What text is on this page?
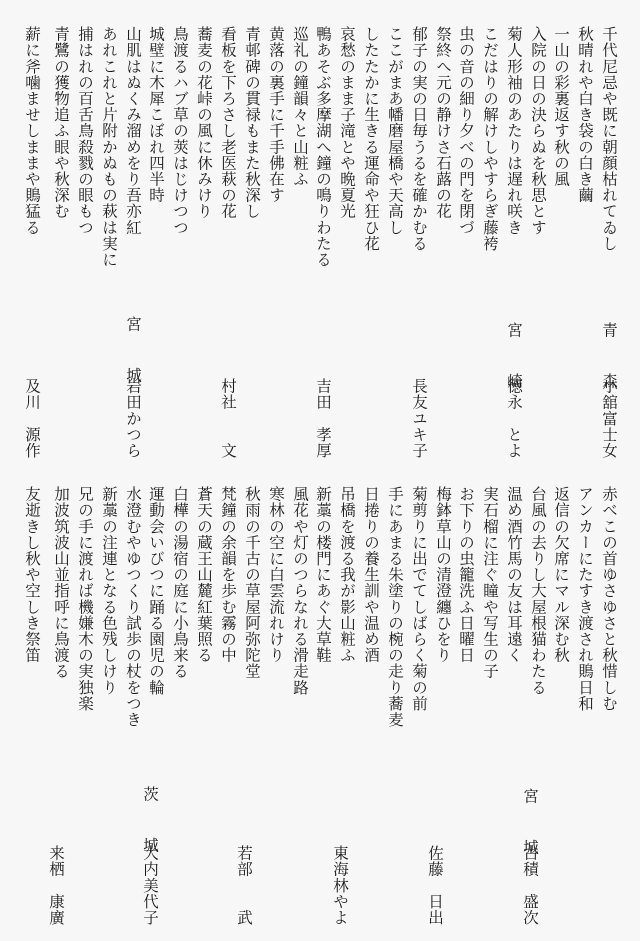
千代尼忌や既に朝顔枯れてゐし
秋晴れや白き袋の白き繭
一山の彩裏返す秋の風
入院の日の決らぬを秋思とす
菊人形袖のあたりは遅れ咲き
こだはりの解けしやすらぎ藤袴
虫の音の細り夕べの門を閉づ
祭終へ元の静けさ石蕗の花
郁子の実の日毎うるを確かむる
ここがまあ幡磨屋橋や天高し
したたかに生きる運命や狂ひ花
哀愁のまま子滝とや晩夏光
鴨あそぶ多摩湖へ鐘の鳴りわたる
巡礼の鐘韻々と山粧ふ
黄落の裏手に千手佛在す
青邨碑の貫禄もまた秋深し
看板を下ろさし老医萩の花
蕎麦の花峠の風に休みけり
鳥渡るハブ草の莢はじけつつ
城壁に木犀こぼれ四半時
山肌はぬくみ溜めをり吾亦紅
あれこれと片附かぬもの萩は実に
捕はれの百舌鳥殺戮の眼もつ
青鷺の獲物追ふ眼や秋深む
薪に斧噛ませしままや鵙猛る
青　森
小舘富士女
宮　崎
徳永　とよ
長友ユキ子
吉田　孝厚
村社　　文
宮　城
岩田かつら
及川　源作
赤べこの首ゆさゆさと秋惜しむ
アンカーにたすき渡され鵙日和
返信の欠席にマル深む秋
台風の去りし大屋根猫わたる
温め酒竹馬の友は耳遠く
実石榴に注ぐ瞳や写生の子
お下りの虫籠洗ふ日曜日
梅鉢草山の清澄纏ひをり
菊剪りに出でてしばらく菊の前
手にあまる朱塗りの椀の走り蕎麦
日捲りの養生訓や温め酒
吊橋を渡る我が影山粧ふ
新藁の楼門にあぐ大草鞋
風花や灯のつらなれる滑走路
寒林の空に白雲流れけり
秋雨の千古の草屋阿弥陀堂
梵鐘の余韻を歩む霧の中
蒼天の蔵王山麓紅葉照る
白樺の湯宿の庭に小鳥来る
運動会いびつに踊る園児の輪
水澄むやゆつくり試歩の杖をつき
新藁の注連となる色残しけり
兄の手に渡れば機嫌木の実独楽
加波筑波山並指呼に鳥渡る
友逝きし秋や空しき祭笛
宮　城
古積　盛次
佐藤　日出
東海林やよ
若部　　武
茨　城
大内美代子
来栖　康廣
